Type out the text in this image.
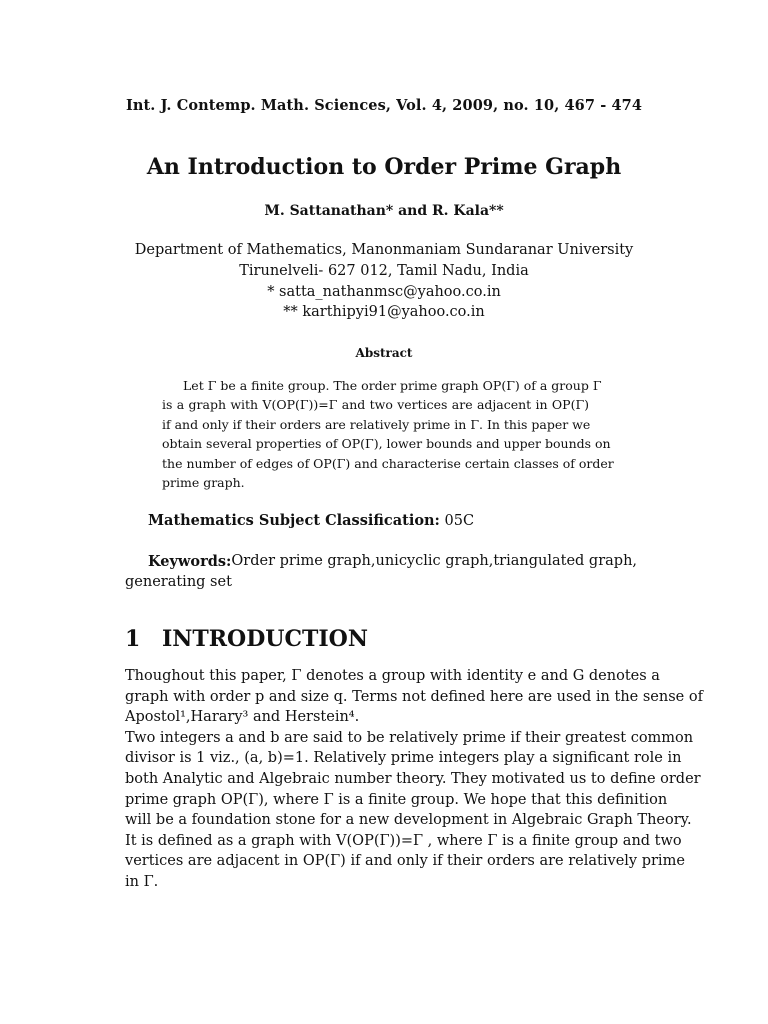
Int. J. Contemp. Math. Sciences, Vol. 4, 2009, no. 10, 467 - 474
An Introduction to Order Prime Graph
M. Sattanathan* and R. Kala**
Department of Mathematics, Manonmaniam Sundaranar University
Tirunelveli- 627 012, Tamil Nadu, India
* satta_nathanmsc@yahoo.co.in
** karthipyi91@yahoo.co.in
Abstract
Let Γ be a finite group. The order prime graph OP(Γ) of a group Γ
is a graph with V(OP(Γ))=Γ and two vertices are adjacent in OP(Γ)
if and only if their orders are relatively prime in Γ. In this paper we
obtain several properties of OP(Γ), lower bounds and upper bounds on
the number of edges of OP(Γ) and characterise certain classes of order
prime graph.
Mathematics Subject Classification: 05C
Keywords: Order prime graph, unicyclic graph, triangulated graph,
generating set
1 INTRODUCTION
Thoughout this paper, Γ denotes a group with identity e and G denotes a
graph with order p and size q. Terms not defined here are used in the sense of
Apostol¹,Harary³ and Herstein⁴.
Two integers a and b are said to be relatively prime if their greatest common
divisor is 1 viz., (a, b)=1. Relatively prime integers play a significant role in
both Analytic and Algebraic number theory. They motivated us to define order
prime graph OP(Γ), where Γ is a finite group. We hope that this definition
will be a foundation stone for a new development in Algebraic Graph Theory.
It is defined as a graph with V(OP(Γ))=Γ , where Γ is a finite group and two
vertices are adjacent in OP(Γ) if and only if their orders are relatively prime
in Γ.
